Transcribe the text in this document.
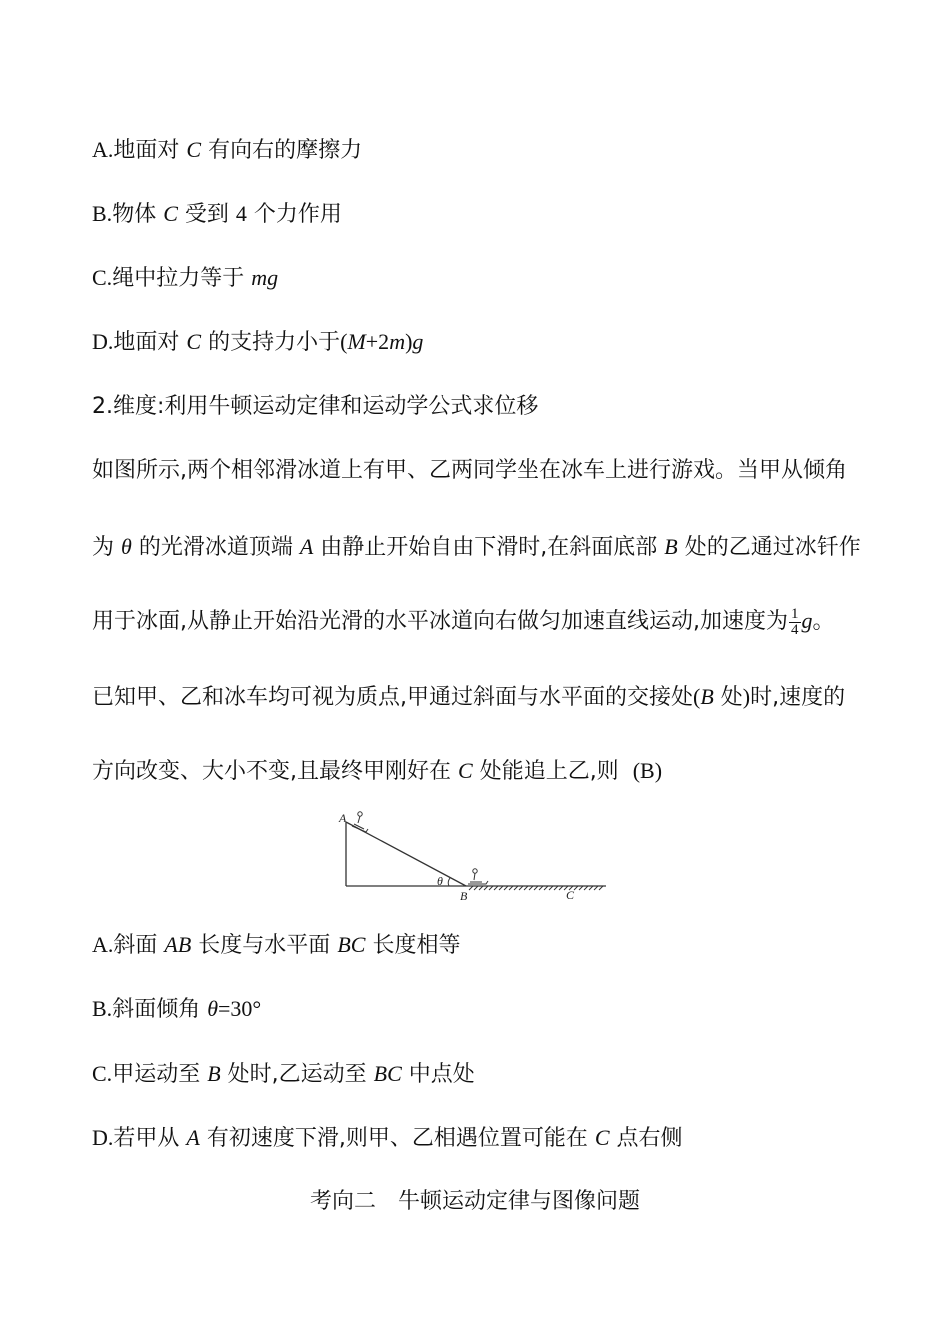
A.地面对 C 有向右的摩擦力
B.物体 C 受到 4 个力作用
C.绳中拉力等于 mg
D.地面对 C 的支持力小于(M+2m)g
2.维度:利用牛顿运动定律和运动学公式求位移
如图所示,两个相邻滑冰道上有甲、乙两同学坐在冰车上进行游戏。当甲从倾角
为 θ 的光滑冰道顶端 A 由静止开始自由下滑时,在斜面底部 B 处的乙通过冰钎作
用于冰面,从静止开始沿光滑的水平冰道向右做匀加速直线运动,加速度为 $\frac{1}{4}$ g。
已知甲、乙和冰车均可视为质点,甲通过斜面与水平面的交接处(B 处)时,速度的
方向改变、大小不变,且最终甲刚好在 C 处能追上乙,则 (B)
A
B	C
θ
A.斜面 AB 长度与水平面 BC 长度相等
B.斜面倾角 θ=30°
C.甲运动至 B 处时,乙运动至 BC 中点处
D.若甲从 A 有初速度下滑,则甲、乙相遇位置可能在 C 点右侧
考向二　牛顿运动定律与图像问题
